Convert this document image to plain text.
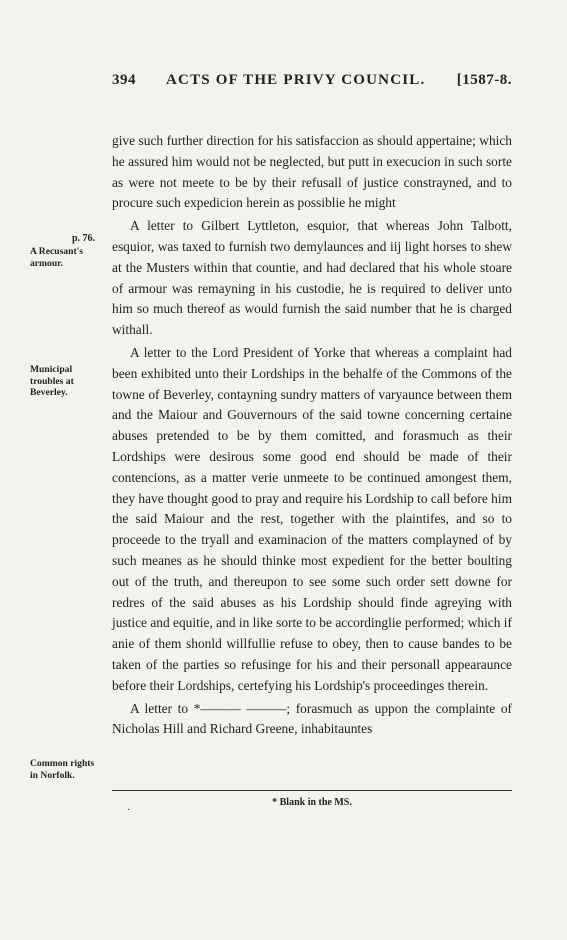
394 ACTS OF THE PRIVY COUNCIL. [1587-8.
p. 76.
A Recusant's armour.
Municipal troubles at Beverley.
Common rights in Norfolk.

give such further direction for his satisfaccion as should appertaine; which he assured him would not be neglected, but putt in execucion in such sorte as were not meete to be by their refusall of justice constrayned, and to procure such expedicion herein as possiblie he might

A letter to Gilbert Lyttleton, esquior, that whereas John Talbott, esquior, was taxed to furnish two demylaunces and iij light horses to shew at the Musters within that countie, and had declared that his whole stoare of armour was remayning in his custodie, he is required to deliver unto him so much thereof as would furnish the said number that he is charged withall.

A letter to the Lord President of Yorke that whereas a complaint had been exhibited unto their Lordships in the behalfe of the Commons of the towne of Beverley, contayning sundry matters of varyaunce between them and the Maiour and Gouvernours of the said towne concerning certaine abuses pretended to be by them comitted, and forasmuch as their Lordships were desirous some good end should be made of their contencions, as a matter verie unmeete to be continued amongest them, they have thought good to pray and require his Lordship to call before him the said Maiour and the rest, together with the plaintifes, and so to proceede to the tryall and examinacion of the matters complayned of by such meanes as he should thinke most expedient for the better boulting out of the truth, and thereupon to see some such order sett downe for redres of the said abuses as his Lordship should finde agreying with justice and equitie, and in like sorte to be accordinglie performed; which if anie of them shonld willfullie refuse to obey, then to cause bandes to be taken of the parties so refusinge for his and their personall appearaunce before their Lordships, certefying his Lordship's proceedinges therein.

A letter to *——— ———; forasmuch as uppon the complainte of Nicholas Hill and Richard Greene, inhabitauntes

·
* Blank in the MS.
